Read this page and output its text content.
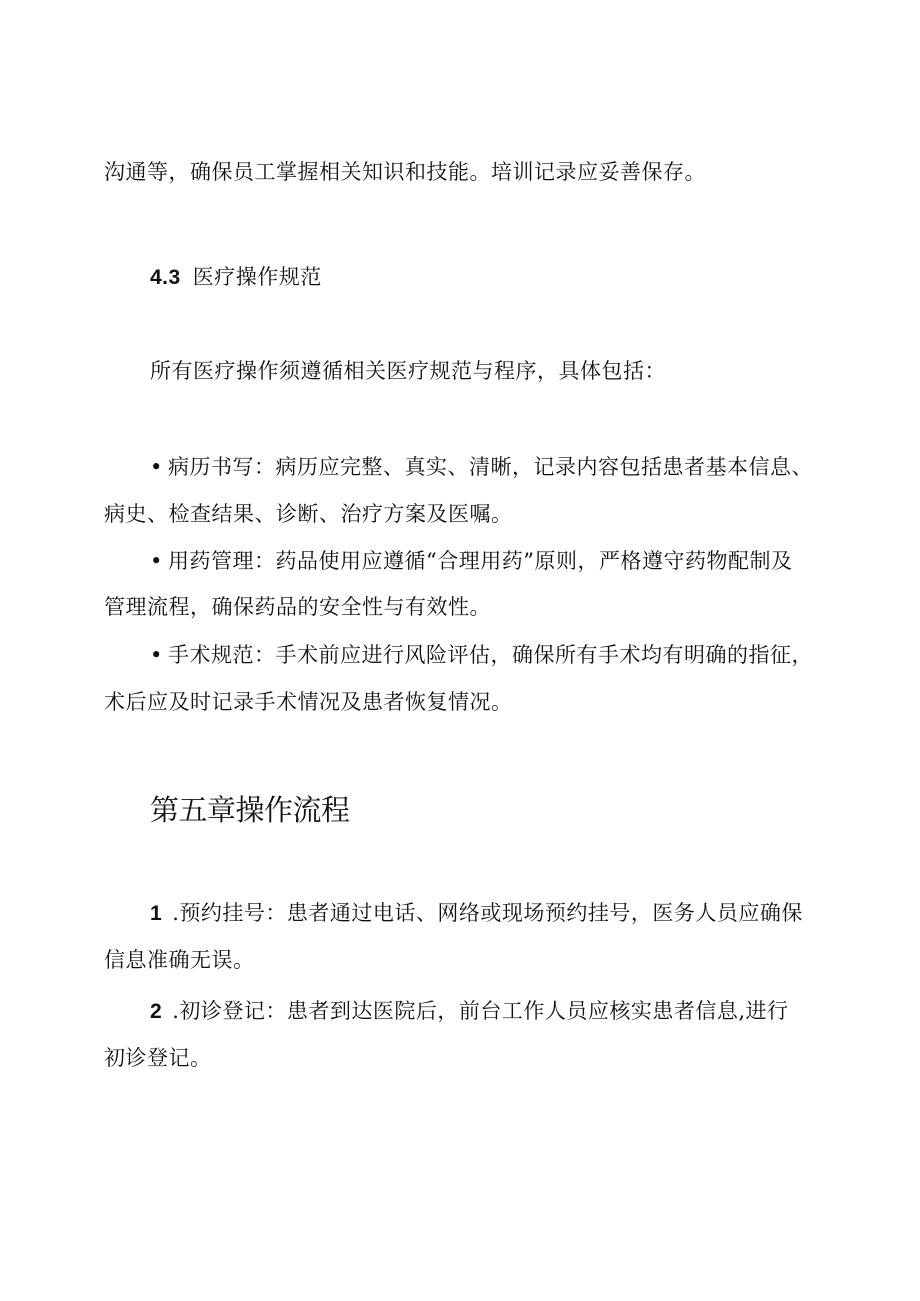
沟通等，确保员工掌握相关知识和技能。培训记录应妥善保存。
4.3 医疗操作规范
所有医疗操作须遵循相关医疗规范与程序，具体包括：
• 病历书写：病历应完整、真实、清晰，记录内容包括患者基本信息、
病史、检查结果、诊断、治疗方案及医嘱。
• 用药管理：药品使用应遵循“合理用药”原则，严格遵守药物配制及
管理流程，确保药品的安全性与有效性。
• 手术规范：手术前应进行风险评估，确保所有手术均有明确的指征，
术后应及时记录手术情况及患者恢复情况。
第五章操作流程
1 .预约挂号：患者通过电话、网络或现场预约挂号，医务人员应确保
信息准确无误。
2 .初诊登记：患者到达医院后，前台工作人员应核实患者信息,进行
初诊登记。
